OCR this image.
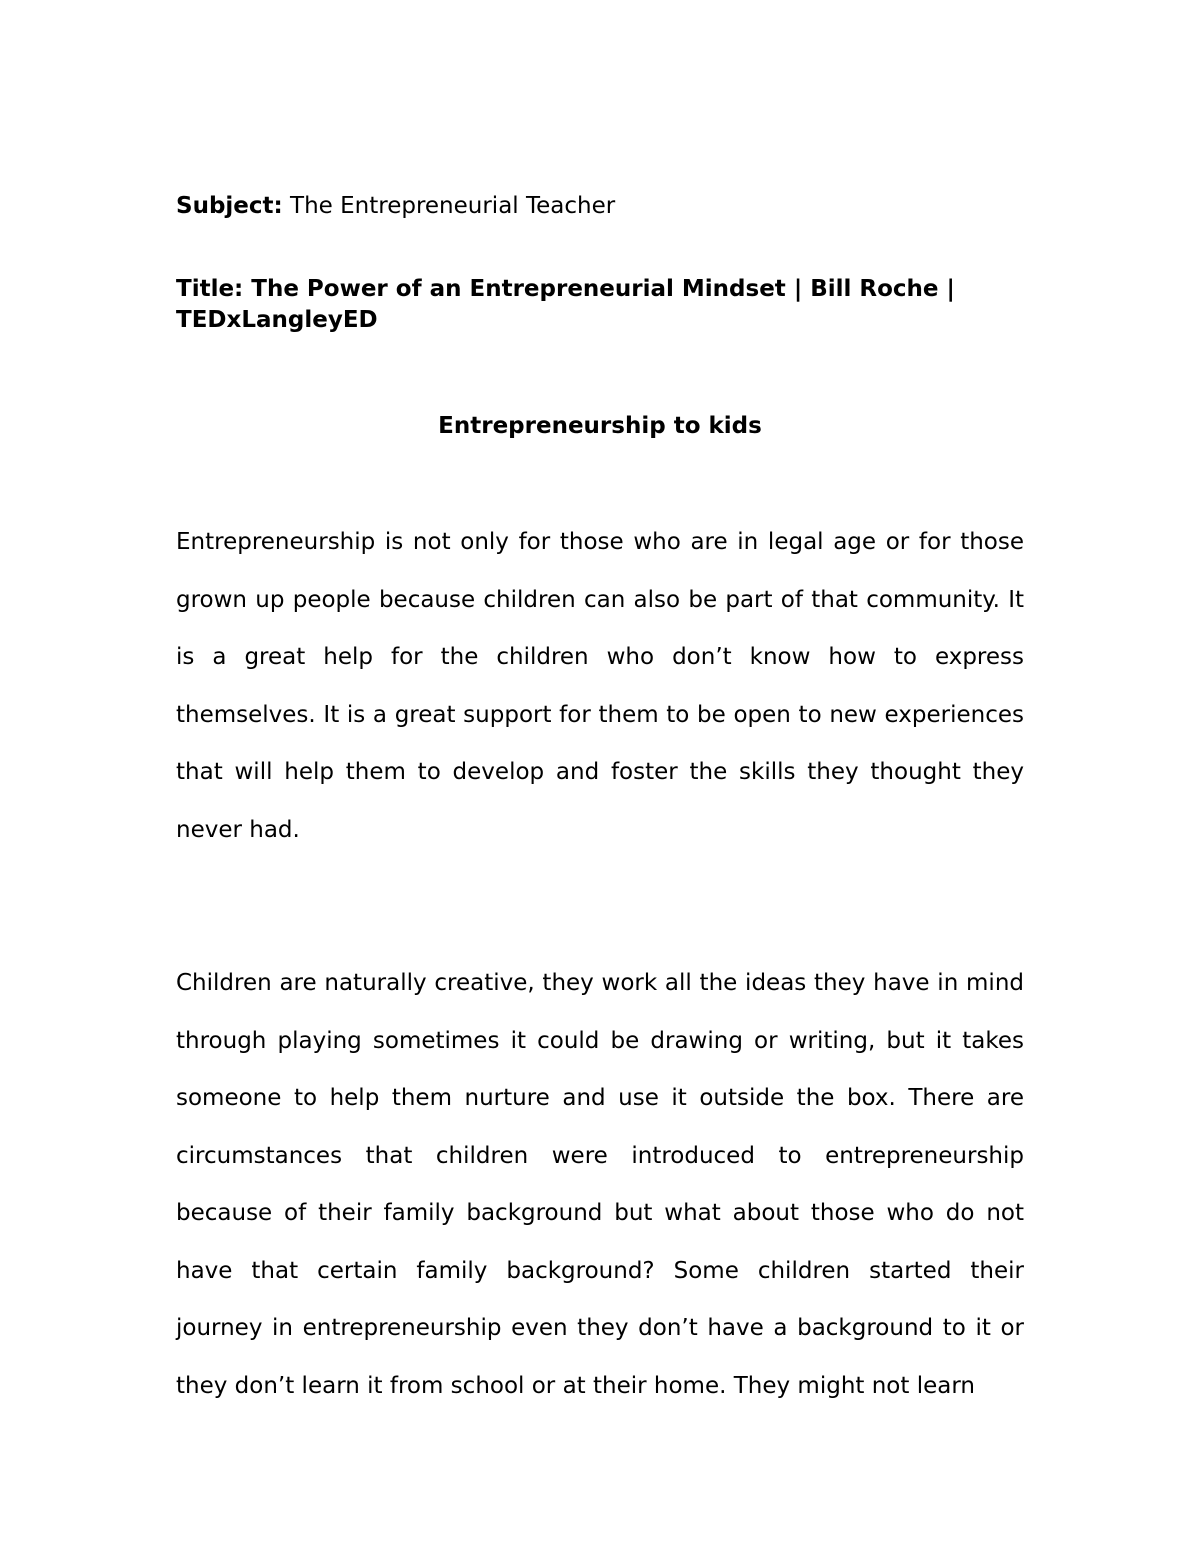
Subject: The Entrepreneurial Teacher

Title: The Power of an Entrepreneurial Mindset | Bill Roche | TEDxLangleyED

Entrepreneurship to kids

Entrepreneurship is not only for those who are in legal age or for those grown up people because children can also be part of that community. It is a great help for the children who don’t know how to express themselves. It is a great support for them to be open to new experiences that will help them to develop and foster the skills they thought they never had.

Children are naturally creative, they work all the ideas they have in mind through playing sometimes it could be drawing or writing, but it takes someone to help them nurture and use it outside the box. There are circumstances that children were introduced to entrepreneurship because of their family background but what about those who do not have that certain family background? Some children started their journey in entrepreneurship even they don’t have a background to it or they don’t learn it from school or at their home. They might not learn
